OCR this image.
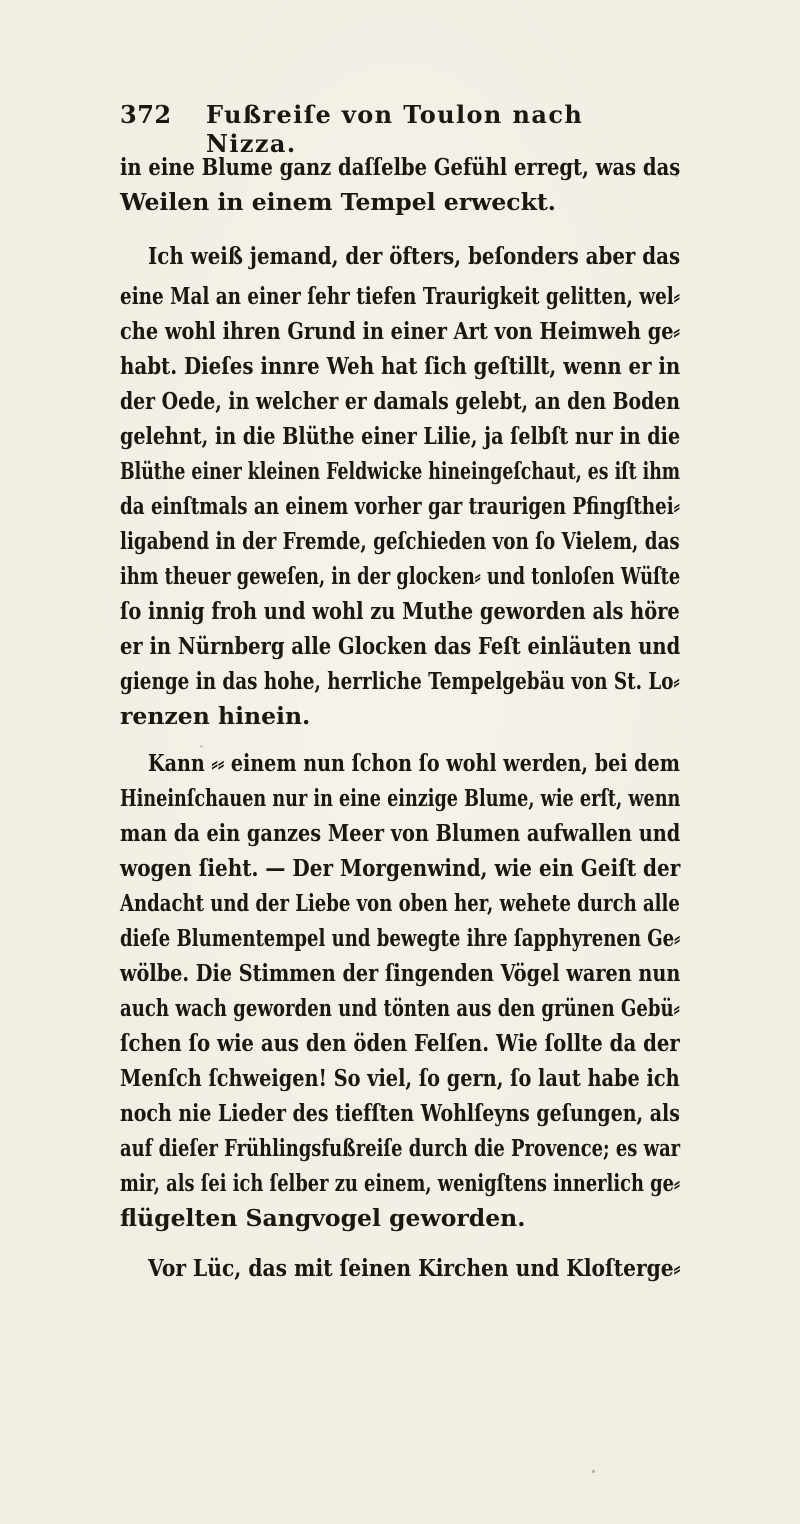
372 Fußreiſe von Toulon nach Nizza.
in eine Blume ganz daſſelbe Gefühl erregt, was das
Weilen in einem Tempel erweckt.
Ich weiß jemand, der öfters, beſonders aber das
eine Mal an einer ſehr tiefen Traurigkeit gelitten, wel⸗
che wohl ihren Grund in einer Art von Heimweh ge⸗
habt. Dieſes innre Weh hat ſich geſtillt, wenn er in
der Oede, in welcher er damals gelebt, an den Boden
gelehnt, in die Blüthe einer Lilie, ja ſelbſt nur in die
Blüthe einer kleinen Feldwicke hineingeſchaut, es iſt ihm
da einſtmals an einem vorher gar traurigen Pfingſthei⸗
ligabend in der Fremde, geſchieden von ſo Vielem, das
ihm theuer geweſen, in der glocken⸗ und tonloſen Wüſte
ſo innig froh und wohl zu Muthe geworden als höre
er in Nürnberg alle Glocken das Feſt einläuten und
gienge in das hohe, herrliche Tempelgebäu von St. Lo⸗
renzen hinein.
Kann ⸗⸗ einem nun ſchon ſo wohl werden, bei dem
Hineinſchauen nur in eine einzige Blume, wie erſt, wenn
man da ein ganzes Meer von Blumen aufwallen und
wogen ſieht. — Der Morgenwind, wie ein Geiſt der
Andacht und der Liebe von oben her, wehete durch alle
dieſe Blumentempel und bewegte ihre ſapphyrenen Ge⸗
wölbe. Die Stimmen der ſingenden Vögel waren nun
auch wach geworden und tönten aus den grünen Gebü⸗
ſchen ſo wie aus den öden Felſen. Wie ſollte da der
Menſch ſchweigen! So viel, ſo gern, ſo laut habe ich
noch nie Lieder des tiefſten Wohlſeyns geſungen, als
auf dieſer Frühlingsfußreiſe durch die Provence; es war
mir, als ſei ich ſelber zu einem, wenigſtens innerlich ge⸗
flügelten Sangvogel geworden.
Vor Lüc, das mit ſeinen Kirchen und Kloſterge⸗
